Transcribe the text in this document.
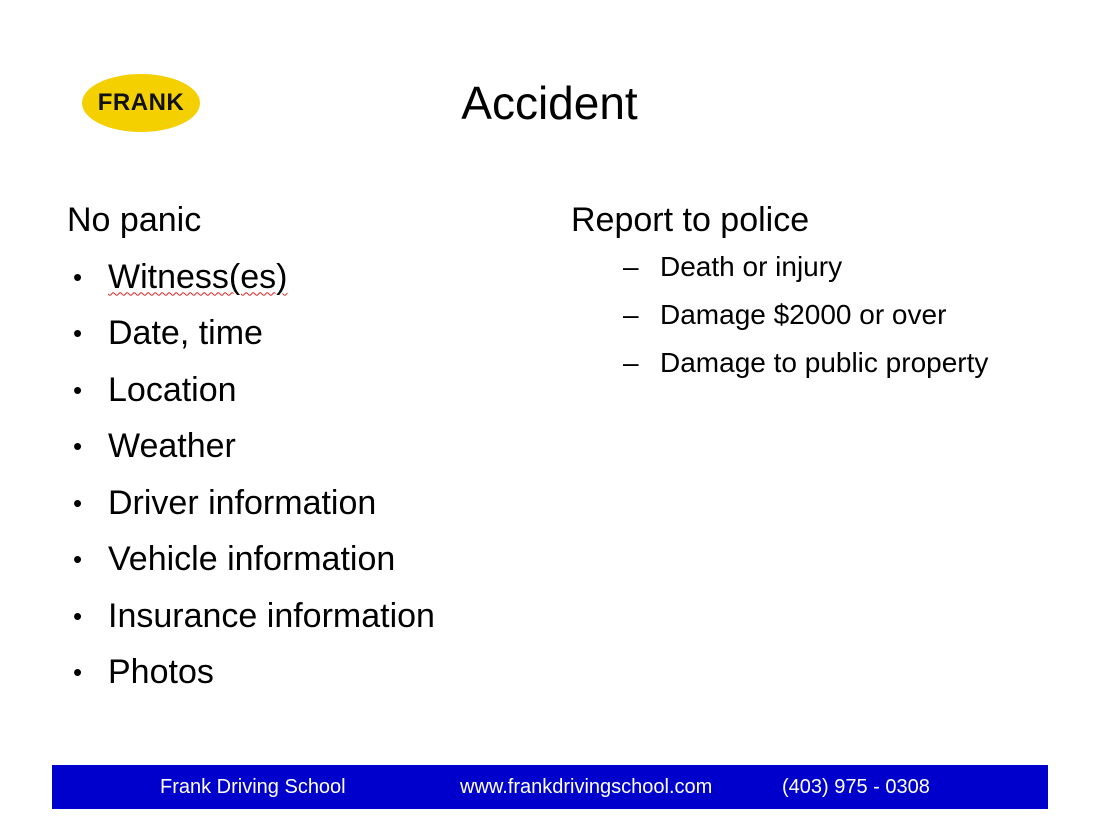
FRANK	Accident

No panic

• Witness(es)
• Date, time
• Location
• Weather
• Driver information
• Vehicle information
• Insurance information
• Photos

Report to police

– Death or injury
– Damage $2000 or over
– Damage to public property
Frank Driving School	www.frankdrivingschool.com	(403) 975 - 0308
